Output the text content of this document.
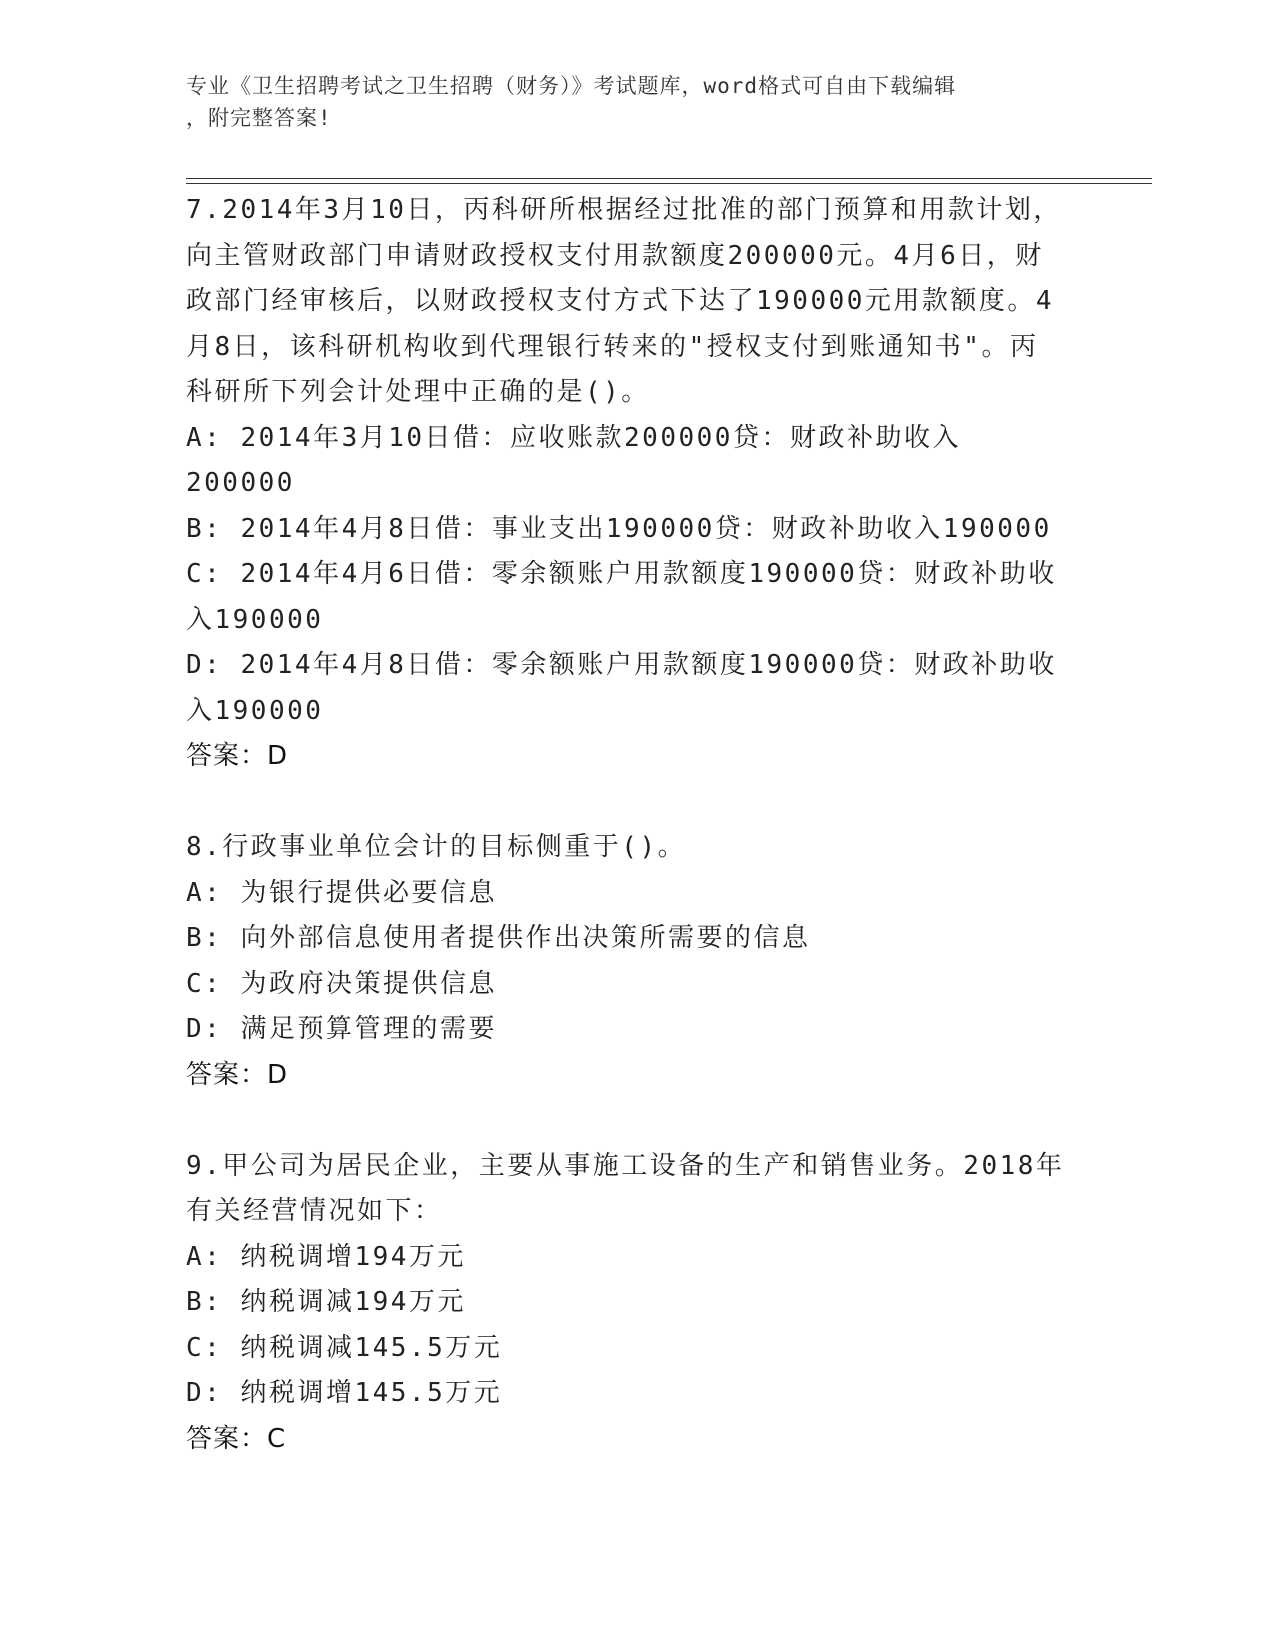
专业《卫生招聘考试之卫生招聘（财务）》考试题库，word格式可自由下载编辑
，附完整答案!
7.2014年3月10日，丙科研所根据经过批准的部门预算和用款计划，
向主管财政部门申请财政授权支付用款额度200000元。4月6日，财
政部门经审核后，以财政授权支付方式下达了190000元用款额度。4
月8日，该科研机构收到代理银行转来的"授权支付到账通知书"。丙
科研所下列会计处理中正确的是()。
A: 2014年3月10日借：应收账款200000贷：财政补助收入200000
B: 2014年4月8日借：事业支出190000贷：财政补助收入190000
C: 2014年4月6日借：零余额账户用款额度190000贷：财政补助收
入190000
D: 2014年4月8日借：零余额账户用款额度190000贷：财政补助收
入190000
答案：D
8.行政事业单位会计的目标侧重于()。
A: 为银行提供必要信息
B: 向外部信息使用者提供作出决策所需要的信息
C: 为政府决策提供信息
D: 满足预算管理的需要
答案：D
9.甲公司为居民企业，主要从事施工设备的生产和销售业务。2018年
有关经营情况如下：
A: 纳税调增194万元
B: 纳税调减194万元
C: 纳税调减145.5万元
D: 纳税调增145.5万元
答案：C
